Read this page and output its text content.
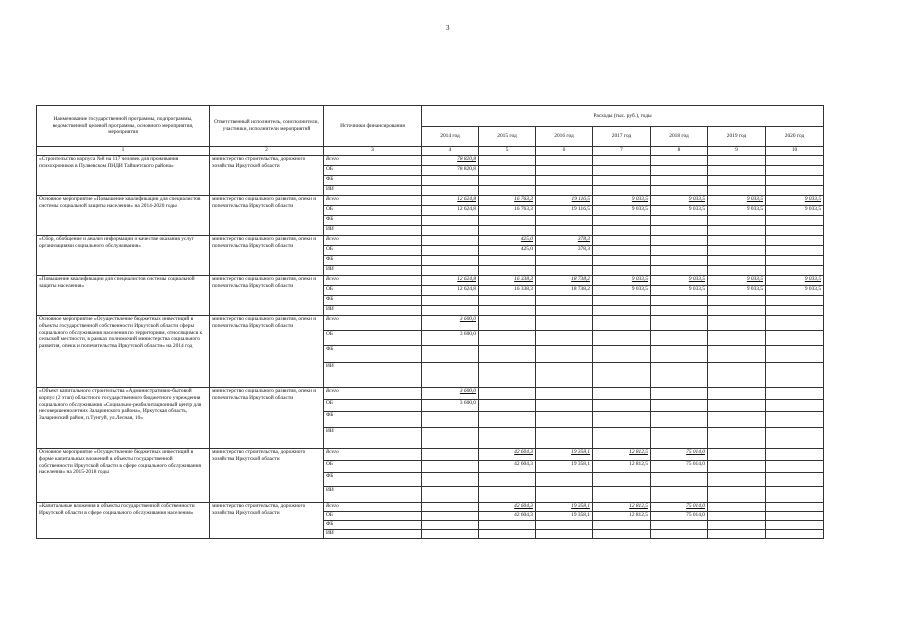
3
Наименование государственной программы, подпрограммы, ведомственной целевой программы, основного мероприятия, мероприятия	Ответственный исполнитель, соисполнители, участники, исполнители мероприятий	Источники финансирования	Расходы (тыс. руб.), годы						
			2014 год	2015 год	2016 год	2017 год	2018 год	2019 год	2020 год
1	2	3	4	5	6	7	8	9	10
«Строительство корпуса №8 на 117 человек для проживания психохроников в Пуляевском ПНДИ Тайшетского района»	министерство строительства, дорожного хозяйства Иркутской области	Всего	78 820,8						
		ОБ	78 820,8						
		ФБ							
		ИИ							
Основное мероприятие «Повышение квалификации для специалистов системы социальной защиты населения» на 2014-2020 годы	министерство социального развития, опеки и попечительства Иркутской области	Всего	12 624,8	16 763,3	19 116,5	9 033,5	9 033,5	9 033,5	9 033,5
		ОБ	12 624,8	16 763,3	19 116,5	9 033,5	9 033,5	9 033,5	9 033,5
		ФБ							
		ИИ							
«Сбор, обобщение и анализ информации о качестве оказания услуг организациями социального обслуживания»	министерство социального развития, опеки и попечительства Иркутской области	Всего		425,0	378,3				
		ОБ		425,0	378,3				
		ФБ							
		ИИ							
«Повышение квалификации для специалистов системы социальной защиты населения»	министерство социального развития, опеки и попечительства Иркутской области	Всего	12 624,8	16 338,3	18 738,2	9 033,5	9 033,5	9 033,5	9 033,5
		ОБ	12 624,8	16 338,3	18 738,2	9 033,5	9 033,5	9 033,5	9 033,5
		ФБ							
		ИИ							
Основное мероприятие «Осуществление бюджетных инвестиций в объекты государственной собственности Иркутской области сферы социального обслуживания населения по территориям, относящимся к сельской местности, в рамках полномочий министерства социального развития, опеки и попечительства Иркутской области» на 2014 год	министерство социального развития, опеки и попечительства Иркутской области	Всего	3 600,0						
		ОБ	3 600,0						
		ФБ							
		ИИ							
«Объект капитального строительства «Административно-бытовой корпус (2 этап) областного государственного бюджетного учреждения социального обслуживания «Социально-реабилитационный центр для несовершеннолетних Заларинского района», Иркутская область, Заларинский район, п.Тунгуй, ул.Лесная, 10»	министерство социального развития, опеки и попечительства Иркутской области	Всего	3 600,0						
		ОБ	3 600,0						
		ФБ							
		ИИ							
Основное мероприятие «Осуществление бюджетных инвестиций в форме капитальных вложений в объекты государственной собственности Иркутской области в сфере социального обслуживания населения» на 2015-2018 годы	министерство строительства, дорожного хозяйства Иркутской области	Всего		42 604,3	19 358,1	12 812,5	75 014,0		
		ОБ		42 604,3	19 358,1	12 812,5	75 014,0		
		ФБ							
		ИИ							
«Капитальные вложения в объекты государственной собственности Иркутской области в сфере социального обслуживания населения»	министерство строительства, дорожного хозяйства Иркутской области	Всего		42 604,3	19 358,1	12 812,5	75 014,0		
		ОБ		42 604,3	19 358,1	12 812,5	75 014,0		
		ФБ							
		ИИ							
